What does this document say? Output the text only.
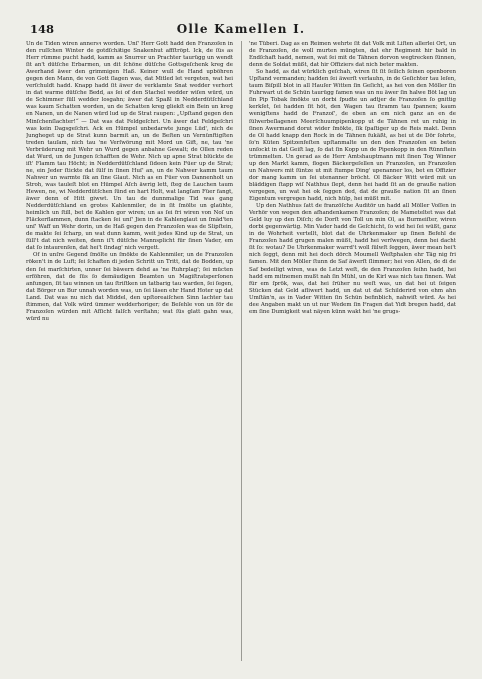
148	Olle Kamellen I.

Un de Tiden wiren annersꝛ worden. Unſ' Herr Gott hadd den Franzoſen in den ruſſchen Winter de gotdſchäͤtige Snakenhut affſtröpt. Ick, de ſüs as Herr rümme pucht hadd, kamm as Snurrer un Prachter taurügg un wendt ſit an't dütſche Erbarmen, un dit ſchöne dütſche Gottsgeſchenk kreg de Awerhand äwer den grimmigen Haß. Keiner wull de Hand upböhren gegen den Mann, de von Gott ſlagen was, dat Mitled let vergeten, wat hei verſchuldt hadd. Knapp hadd ſit äwer de verklamte Snat wedder verhort in dat warme dütſche Bedd, as ſei of den Stachel wedder wiſen würd, un de Schimmer ſüll wedder losgahn; äwer dat Spaßl in Nedderdütſchland was kaum Schatten worden, un de Schatten kreg gliekſt ein Bein un kreg en Nanen, un de Nanen würd lud up de Strat raupen: „Upſtand gegen den Minſchenſlachter!“ — Dat was dat Feldgeſchri. Un äwer dat Feldgeſchri was kein Dagsgeſchri. Ack en Hümpel unbedarwte junge Lüd', nich de Jungheget up de Strat kunn barmit an, un de Beſten un Vernünftigſten treden tauſam, nich tau 'ne Verſwörung mit Mord un Gift, ne, tau 'ne Verbrüderung mit Wehr un Wurd gegen anbahne Gewalt; de Ollen reden dat Wurd, un de Jungen ſchafften de Wehr. Nich up apne Strat blückte de iſt' Flamm tau Höcht; in Nedderdütſchland ſideen kein Füer up de Strat; ne, ein Jeder ſtickte dat ſülf in ſinen Huſ' an, un de Nahwer kamm taum Nahwer un warmte ſik an ſine Glaut. Nich as en Füer von Dannenholt un Stroh, was tauleſt blot en Hümpel Aſch äwrig lett, ſteg de Lauchen taum Hewen, ne, wi Nedderdütſchen ſünd en hart Holt, wat langſam Füer fangt, äwer denn of Hitt giwwt. Un tau de dunnmalige Tid was gang Nedderdütſchland en grotes Kahlenmiler, de in ſit ſmölte un glaühte, heimlich un ſtill, bet de Kahlen gor wiren; un as ſei fri wiren von Noſ un Fläckerflammen, dunn ſtacken ſei unſ' Jien in de Kahlenglaut un ſmäd'ten unſ' Waff un Wehr dorin, un de Haß gegen den Franzoſen was de Slipſtein, de makte ſei ſcharp, un wat dunn kamm, weit jedes Kind up de Strat, un ſüll't dat nich weiten, denn iſ't dütſche Mannsplicht für ſinen Vader, em dat ſo intaurenſen, dat hei't ſindag' nich vergett.

Of in unſre Gegend ſmölte un ſmökte de Kahlenmiler, un de Franzoſen röken't in de Luft; ſei ſchaften di jeden Schritt un Tritt, dat de Bodden, up den ſei marſchirten, unner ſei bäwern dehd as 'ne Ruhrplag'; ſei mücten erföhren, dat de ſüs ſo demäudigen Beamten un Magiſtratsperſonen anfungen, ſit tau winnen un tau ſtriſtken un tatbarig tau warden, ſei ſegen, dat Börger un Bur unnah worden was, un ſei läsen ehr Hand Hoter up dat Land. Dat was nu nich dat Middel, den upſtoreaiſchen Sinn lachter tau ſtimmen, dat Volk würd ümmer wedderhoriger; de Beſehle von un för de Franzoſen würden mit Afſicht falſch verſtahn; wat ſüs glatt gahn was, würd nu

'ne Tüberi. Dag as en Reimen wehrte ſit dat Volk mit Liſten allerlei Ort, un de Franzoſen, de woll murten müngten, dat ehr Regiment hir bald in Endſchaft hadd, nemen, wat ſei mit de Tähnen dorvon wegtrecken ſünnen, denn de Soldat müßt, dat hir Offiziers dat nich beter makten.

So hadd, as dat würklich geſchah, wiren ſit ſit ſeilich ſeinen openboren Upſtand vermanden; hadden ſei äwerſt verlauhn, in de Geſichter tau leſen, taum Biſpill blot in all Hauſer Witten ſin Geſicht, as hei von den Möller ſin Fuhrwart ut de Schün taurügg famen was un nu äwer ſin halwe Böt lag un ſin Pip Tobak ſmökte un dorbi ſpudte un adtjer de Franzoſen ſo gnittig kerkſet, ſei hadden ſit höt, den Wagen tau ſtramm tau ſpannen; kaum wenigſtens hadd de Franzoſ', de eben an em nich ganz an en de ſülwerbeſlagenen Meerſchuumpipenkopp ut de Tähnen ret un ruhig in ſinen Awermand dorut wider ſmökte, ſik ſpaſtiger up de Reis makt. Denn de Ol hadd knapp den Rock in de Tähnen fukäßt, as hei ut de Dör ſohrte, ſo'n Küten Spitzenfeſten upſtanmalte un den den Franzoſen en beten unſockt in dat Geiſt lag, ſo dat ſin Kopp un de Pipenkopp in den Rünnſtein trümmelten. Un gerad as de Herr Amtshauptmann mit ſinen Tog Winner up den Markt kamm, flogen Bäckergeſellen un Franzoſen, un Franzoſen un Nahwers mit ſüntze ut mit ſtumpe Ding' upenanner los, bet en Offizier dor mang kamm un ſei utenanner bröcht. Ol Bäcker Witt würd mit un bläddigen ſtapp wiſ Nathhus ſlept, denn hei hadd ſit an de grauße nation vergegen, un wat hei ok ſeggen ded, dat de grauße nation ſit an ſinen Eigentum vergregen hadd, nich hülp, hei müßt mit.

Up den Nathhus ſatt de franzöſche Auditör un hadd all Möller Voſſen in Verhör von wegen den afhandenkamen Franzoſen; de Mameteltet was dat Geld luy up den Diſch; de Dorſt von Toll un min Ol, as Burmeiſter, wiren dorbi gegenwärtig. Min Vader hadd de Geſchicht, ſo wid hei ſei wüßt, ganz in de Wohrheit vertellt, blot dat de Uhrkenmaker up ſinen Befehl de Franzoſen hadd grugen malen müßt, hadd hei verſwegen, denn hei dacht ſit ſo: wotau? De Uhrkenmaker warrd't woll ſülwſt ſeggen, äwer mean hei't nich ſeggt, denn mit hei doch dörch Moumell Weſtphalen ehr Täg nig fri famen. Mit den Möller ſtunn de Saf äwerſt ſlimmer; hei von Allen, de di de Saf bedeiligt wiren, was de Letzt weſt, de den Franzoſen ſeihn hadd, hei hadd em mitnemen mußt nah ſin Mühl, un de Kirl was nich tau finnen. Wat für em ſprök, was, dat hei ſrüher nu weſt was, un dat hei ut ſeigen Stücken dat Geld afliwert hadd, un dat ut dat Schilderird von ehm ahn Umſtän'n, as in Vader Witten ſin Schün befinblich, nahwiſt würd. As hei dee Angaben makt un ut nur Wedem ſin Fragen dat Yidt bregen hadd, dat em ſine Dumigkeit wat näyen künn wakt hei 'ne grugs-
